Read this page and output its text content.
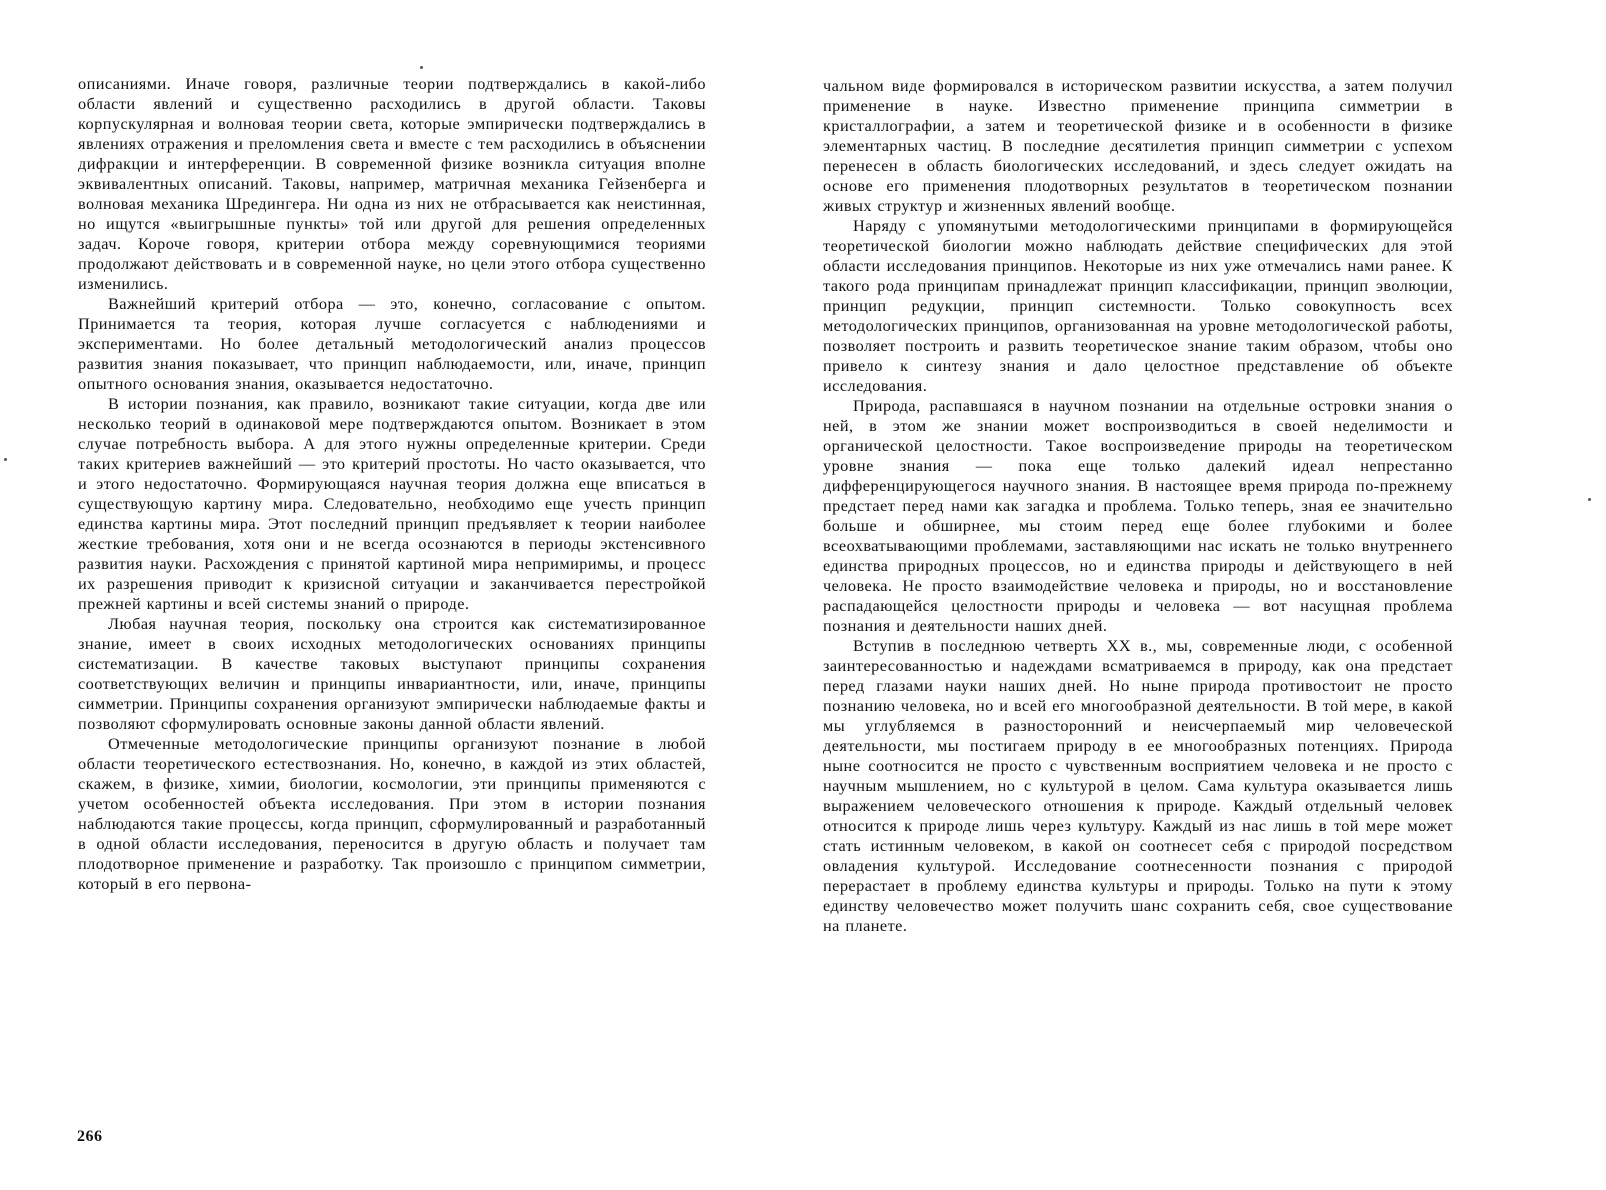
описаниями. Иначе говоря, различные теории подтверждались в какой-либо области явлений и существенно расходились в другой области. Таковы корпускулярная и волновая теории света, которые эмпирически подтверждались в явлениях отражения и преломления света и вместе с тем расходились в объяснении дифракции и интерференции. В современной физике возникла ситуация вполне эквивалентных описаний. Таковы, например, матричная механика Гейзенберга и волновая механика Шредингера. Ни одна из них не отбрасывается как неистинная, но ищутся «выигрышные пункты» той или другой для решения определенных задач. Короче говоря, критерии отбора между соревнующимися теориями продолжают действовать и в современной науке, но цели этого отбора существенно изменились.

Важнейший критерий отбора — это, конечно, согласование с опытом. Принимается та теория, которая лучше согласуется с наблюдениями и экспериментами. Но более детальный методологический анализ процессов развития знания показывает, что принцип наблюдаемости, или, иначе, принцип опытного основания знания, оказывается недостаточно.

В истории познания, как правило, возникают такие ситуации, когда две или несколько теорий в одинаковой мере подтверждаются опытом. Возникает в этом случае потребность выбора. А для этого нужны определенные критерии. Среди таких критериев важнейший — это критерий простоты. Но часто оказывается, что и этого недостаточно. Формирующаяся научная теория должна еще вписаться в существующую картину мира. Следовательно, необходимо еще учесть принцип единства картины мира. Этот последний принцип предъявляет к теории наиболее жесткие требования, хотя они и не всегда осознаются в периоды экстенсивного развития науки. Расхождения с принятой картиной мира непримиримы, и процесс их разрешения приводит к кризисной ситуации и заканчивается перестройкой прежней картины и всей системы знаний о природе.

Любая научная теория, поскольку она строится как систематизированное знание, имеет в своих исходных методологических основаниях принципы систематизации. В качестве таковых выступают принципы сохранения соответствующих величин и принципы инвариантности, или, иначе, принципы симметрии. Принципы сохранения организуют эмпирически наблюдаемые факты и позволяют сформулировать основные законы данной области явлений.

Отмеченные методологические принципы организуют познание в любой области теоретического естествознания. Но, конечно, в каждой из этих областей, скажем, в физике, химии, биологии, космологии, эти принципы применяются с учетом особенностей объекта исследования. При этом в истории познания наблюдаются такие процессы, когда принцип, сформулированный и разработанный в одной области исследования, переносится в другую область и получает там плодотворное применение и разработку. Так произошло с принципом симметрии, который в его первона-

266

чальном виде формировался в историческом развитии искусства, а затем получил применение в науке. Известно применение принципа симметрии в кристаллографии, а затем и теоретической физике и в особенности в физике элементарных частиц. В последние десятилетия принцип симметрии с успехом перенесен в область биологических исследований, и здесь следует ожидать на основе его применения плодотворных результатов в теоретическом познании живых структур и жизненных явлений вообще.

Наряду с упомянутыми методологическими принципами в формирующейся теоретической биологии можно наблюдать действие специфических для этой области исследования принципов. Некоторые из них уже отмечались нами ранее. К такого рода принципам принадлежат принцип классификации, принцип эволюции, принцип редукции, принцип системности. Только совокупность всех методологических принципов, организованная на уровне методологической работы, позволяет построить и развить теоретическое знание таким образом, чтобы оно привело к синтезу знания и дало целостное представление об объекте исследования.

Природа, распавшаяся в научном познании на отдельные островки знания о ней, в этом же знании может воспроизводиться в своей неделимости и органической целостности. Такое воспроизведение природы на теоретическом уровне знания — пока еще только далекий идеал непрестанно дифференцирующегося научного знания. В настоящее время природа по-прежнему предстает перед нами как загадка и проблема. Только теперь, зная ее значительно больше и обширнее, мы стоим перед еще более глубокими и более всеохватывающими проблемами, заставляющими нас искать не только внутреннего единства природных процессов, но и единства природы и действующего в ней человека. Не просто взаимодействие человека и природы, но и восстановление распадающейся целостности природы и человека — вот насущная проблема познания и деятельности наших дней.

Вступив в последнюю четверть XX в., мы, современные люди, с особенной заинтересованностью и надеждами всматриваемся в природу, как она предстает перед глазами науки наших дней. Но ныне природа противостоит не просто познанию человека, но и всей его многообразной деятельности. В той мере, в какой мы углубляемся в разносторонний и неисчерпаемый мир человеческой деятельности, мы постигаем природу в ее многообразных потенциях. Природа ныне соотносится не просто с чувственным восприятием человека и не просто с научным мышлением, но с культурой в целом. Сама культура оказывается лишь выражением человеческого отношения к природе. Каждый отдельный человек относится к природе лишь через культуру. Каждый из нас лишь в той мере может стать истинным человеком, в какой он соотнесет себя с природой посредством овладения культурой. Исследование соотнесенности познания с природой перерастает в проблему единства культуры и природы. Только на пути к этому единству человечество может получить шанс сохранить себя, свое существование на планете.
